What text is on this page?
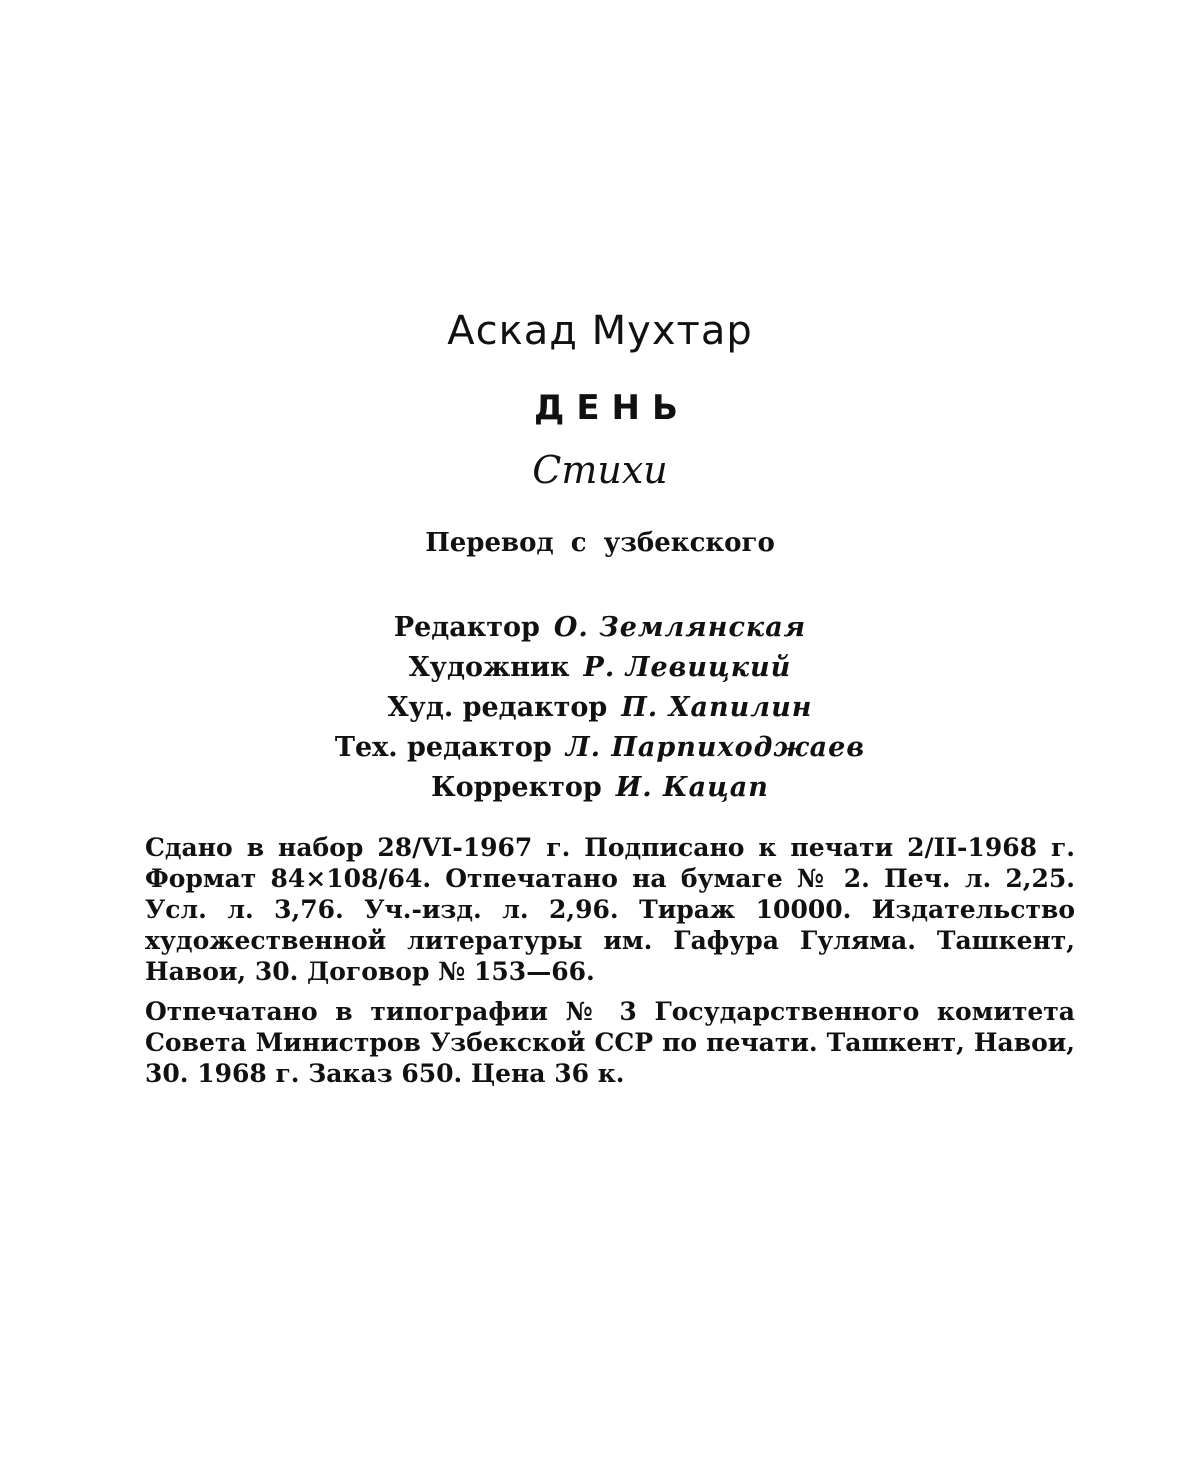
Аскад Мухтар
ДЕНЬ
Стихи
Перевод с узбекского
Редактор О. Землянская
Художник Р. Левицкий
Худ. редактор П. Хапилин
Тех. редактор Л. Парпиходжаев
Корректор И. Кацап

Сдано в набор 28/VI-1967 г. Подписано к печати 2/II-1968 г. Формат 84×108/64. Отпечатано на бумаге № 2. Печ. л. 2,25. Усл. л. 3,76. Уч.-изд. л. 2,96. Тираж 10000. Издательство художественной литературы им. Гафура Гуляма. Ташкент, Навои, 30. Договор № 153—66.

Отпечатано в типографии № 3 Государственного комитета Совета Министров Узбекской ССР по печати. Ташкент, Навои, 30. 1968 г. Заказ 650. Цена 36 к.
